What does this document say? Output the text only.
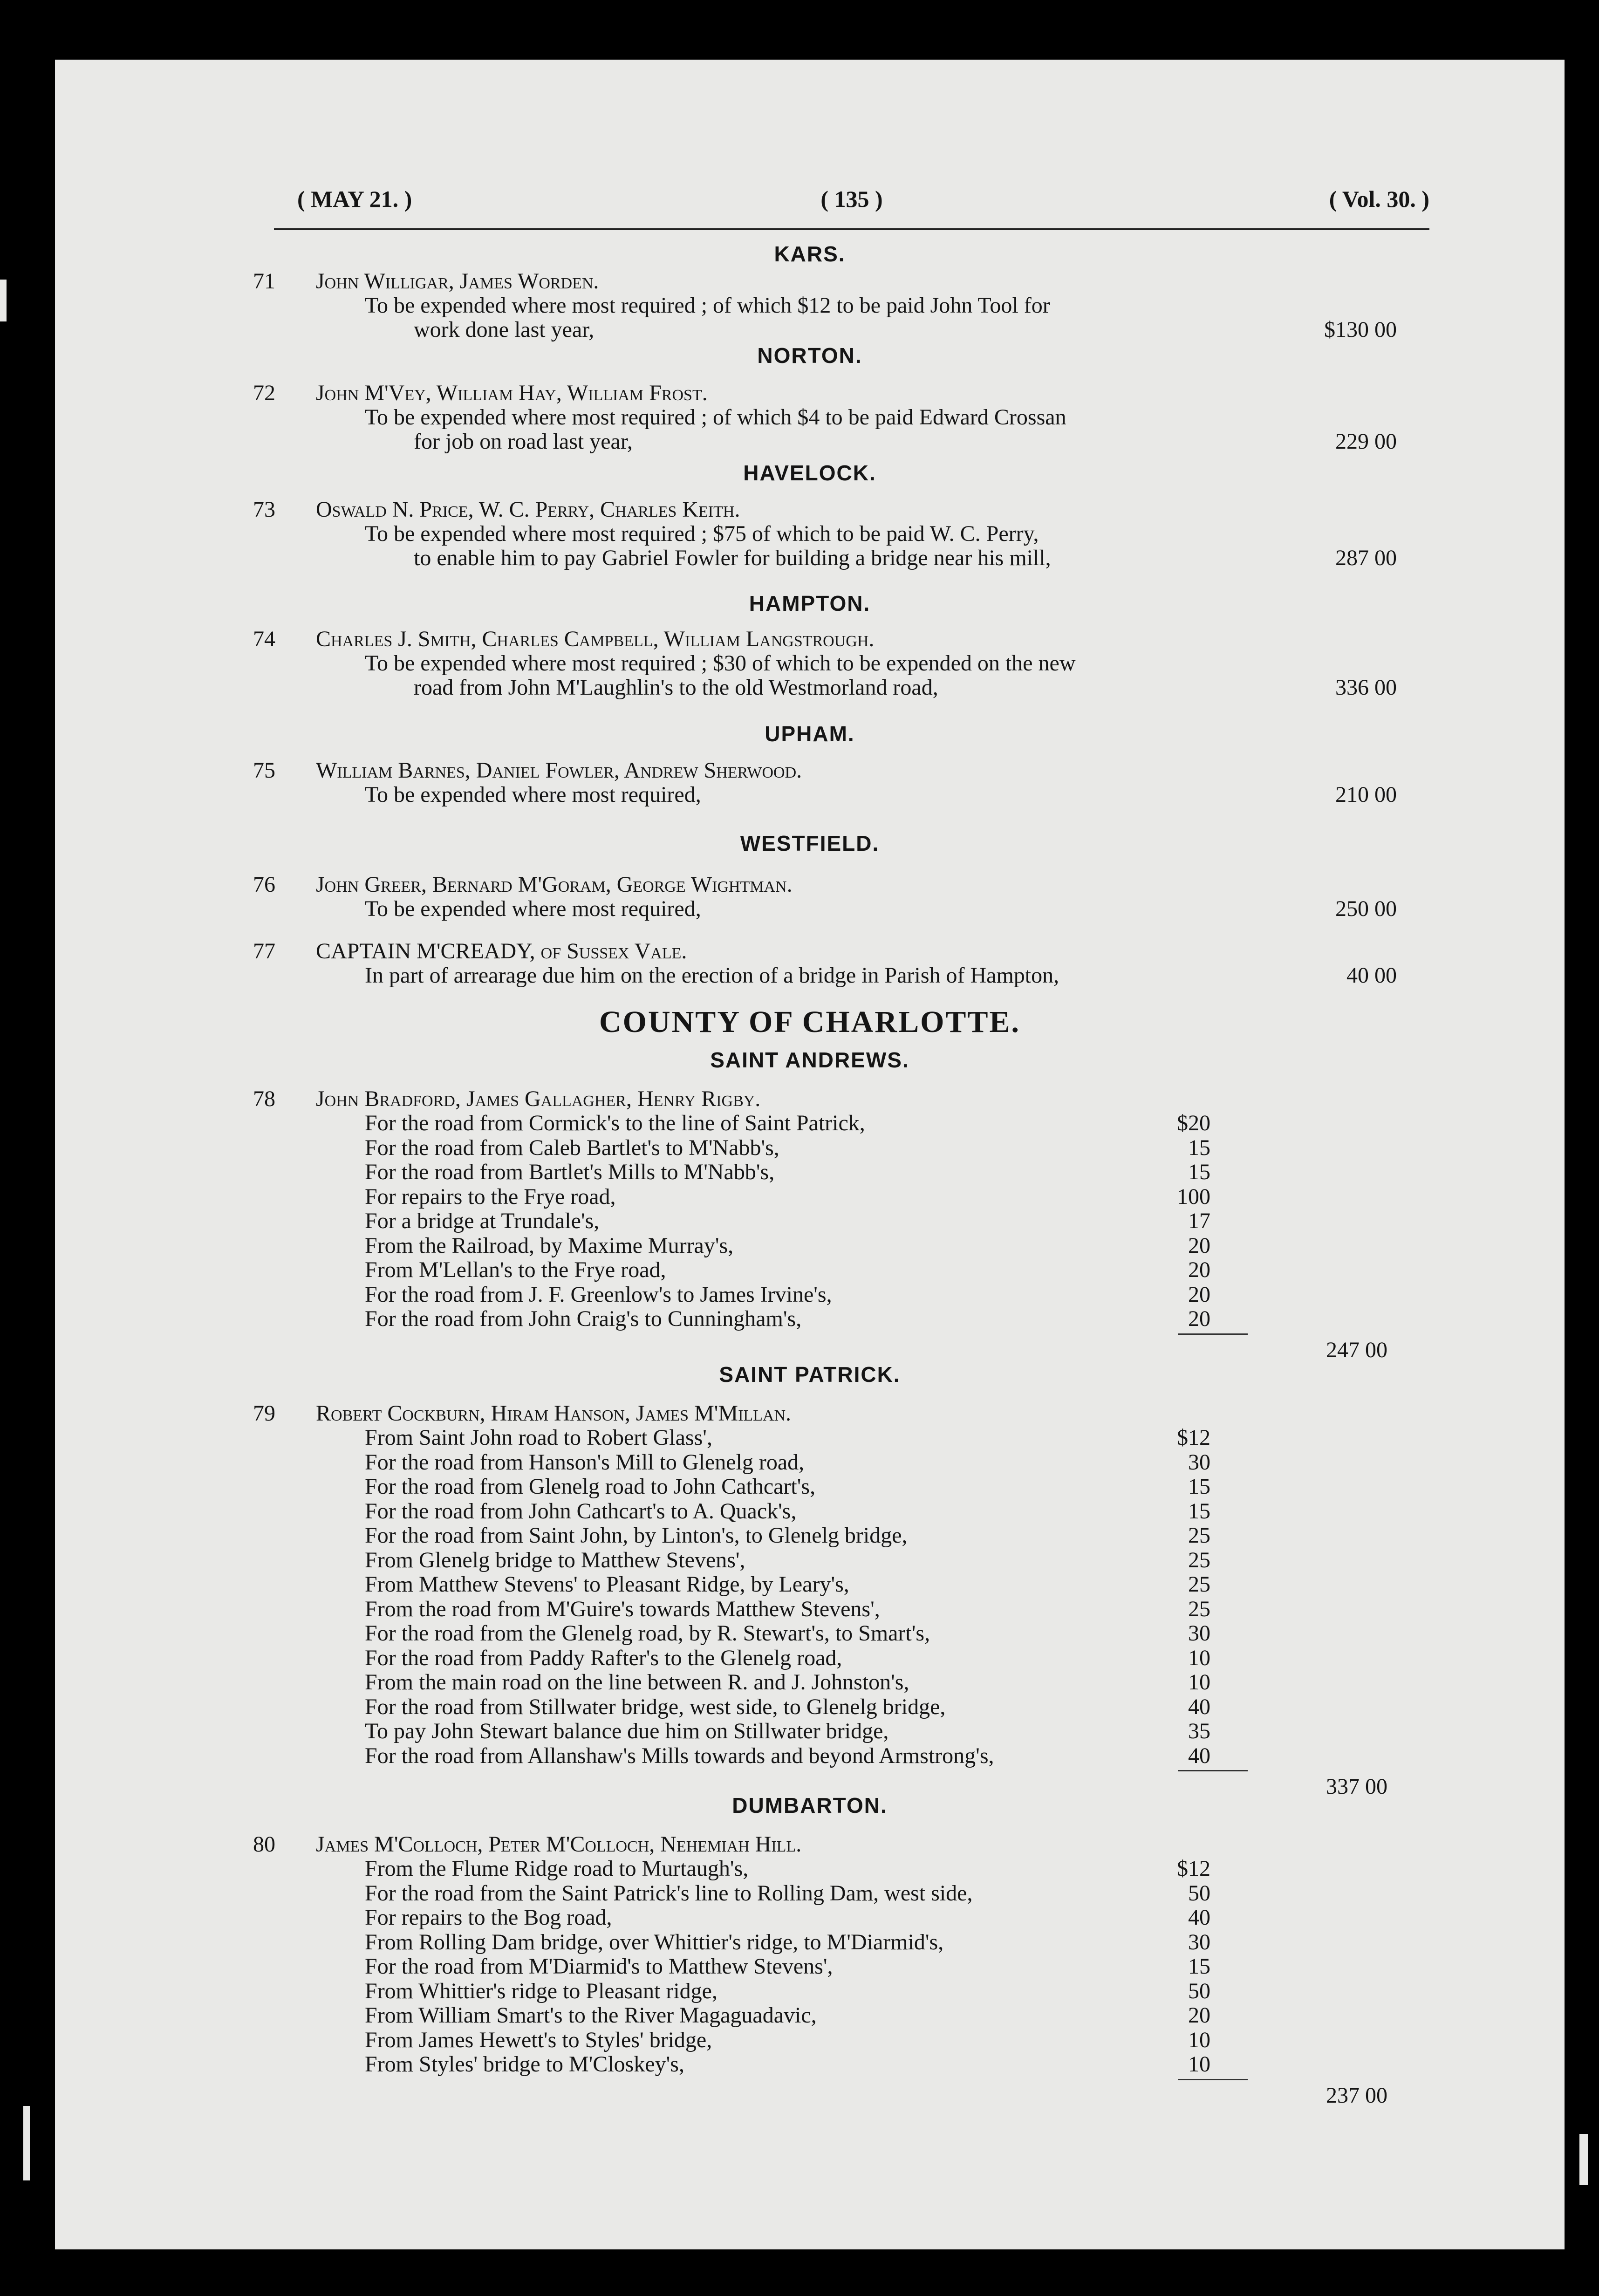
( MAY 21. )	( 135 )	( Vol. 30. )
KARS.
71	John Willigar, James Worden.
To be expended where most required ; of which $12 to be paid John Tool for
work done last year,	$130 00
NORTON.
72	John M'Vey, William Hay, William Frost.
To be expended where most required ; of which $4 to be paid Edward Crossan
for job on road last year,	229 00
HAVELOCK.
73	Oswald N. Price, W. C. Perry, Charles Keith.
To be expended where most required ; $75 of which to be paid W. C. Perry,
to enable him to pay Gabriel Fowler for building a bridge near his mill,	287 00
HAMPTON.
74	Charles J. Smith, Charles Campbell, William Langstrough.
To be expended where most required ; $30 of which to be expended on the new
road from John M'Laughlin's to the old Westmorland road,	336 00
UPHAM.
75	William Barnes, Daniel Fowler, Andrew Sherwood.
To be expended where most required,	210 00
WESTFIELD.
76	John Greer, Bernard M'Goram, George Wightman.
To be expended where most required,	250 00
77	CAPTAIN M'CREADY, of Sussex Vale.
In part of arrearage due him on the erection of a bridge in Parish of Hampton,	40 00
COUNTY OF CHARLOTTE.
SAINT ANDREWS.
78	John Bradford, James Gallagher, Henry Rigby.
For the road from Cormick's to the line of Saint Patrick,	$20
For the road from Caleb Bartlet's to M'Nabb's,	15
For the road from Bartlet's Mills to M'Nabb's,	15
For repairs to the Frye road,	100
For a bridge at Trundale's,	17
From the Railroad, by Maxime Murray's,	20
From M'Lellan's to the Frye road,	20
For the road from J. F. Greenlow's to James Irvine's,	20
For the road from John Craig's to Cunningham's,	20
247 00
SAINT PATRICK.
79	Robert Cockburn, Hiram Hanson, James M'Millan.
From Saint John road to Robert Glass',	$12
For the road from Hanson's Mill to Glenelg road,	30
For the road from Glenelg road to John Cathcart's,	15
For the road from John Cathcart's to A. Quack's,	15
For the road from Saint John, by Linton's, to Glenelg bridge,	25
From Glenelg bridge to Matthew Stevens',	25
From Matthew Stevens' to Pleasant Ridge, by Leary's,	25
From the road from M'Guire's towards Matthew Stevens',	25
For the road from the Glenelg road, by R. Stewart's, to Smart's,	30
For the road from Paddy Rafter's to the Glenelg road,	10
From the main road on the line between R. and J. Johnston's,	10
For the road from Stillwater bridge, west side, to Glenelg bridge,	40
To pay John Stewart balance due him on Stillwater bridge,	35
For the road from Allanshaw's Mills towards and beyond Armstrong's,	40
337 00
DUMBARTON.
80	James M'Colloch, Peter M'Colloch, Nehemiah Hill.
From the Flume Ridge road to Murtaugh's,	$12
For the road from the Saint Patrick's line to Rolling Dam, west side,	50
For repairs to the Bog road,	40
From Rolling Dam bridge, over Whittier's ridge, to M'Diarmid's,	30
For the road from M'Diarmid's to Matthew Stevens',	15
From Whittier's ridge to Pleasant ridge,	50
From William Smart's to the River Magaguadavic,	20
From James Hewett's to Styles' bridge,	10
From Styles' bridge to M'Closkey's,	10
237 00
